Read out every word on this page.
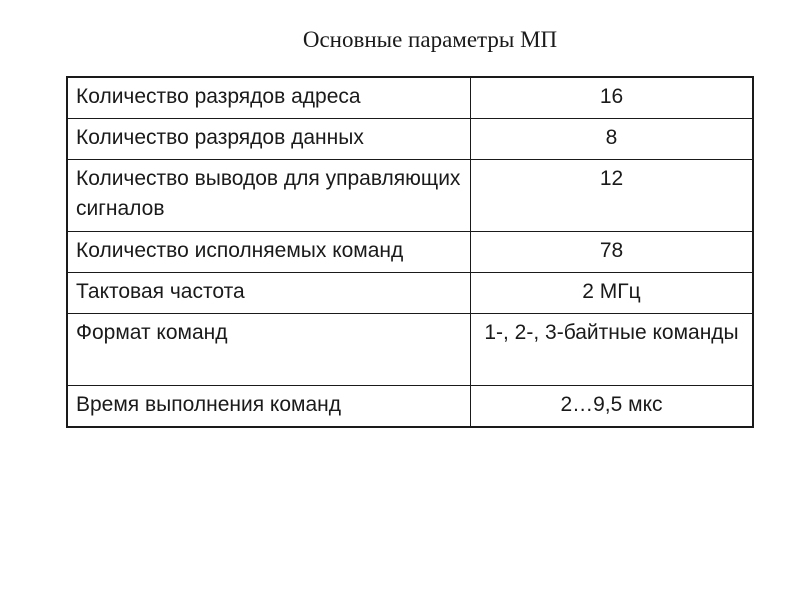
Основные параметры МП
Количество разрядов адреса	16
Количество разрядов данных	8
Количество выводов для управляющих сигналов	12
Количество исполняемых команд	78
Тактовая частота	2 МГц
Формат команд	1-, 2-, 3-байтные команды
Время выполнения команд	2…9,5 мкс
